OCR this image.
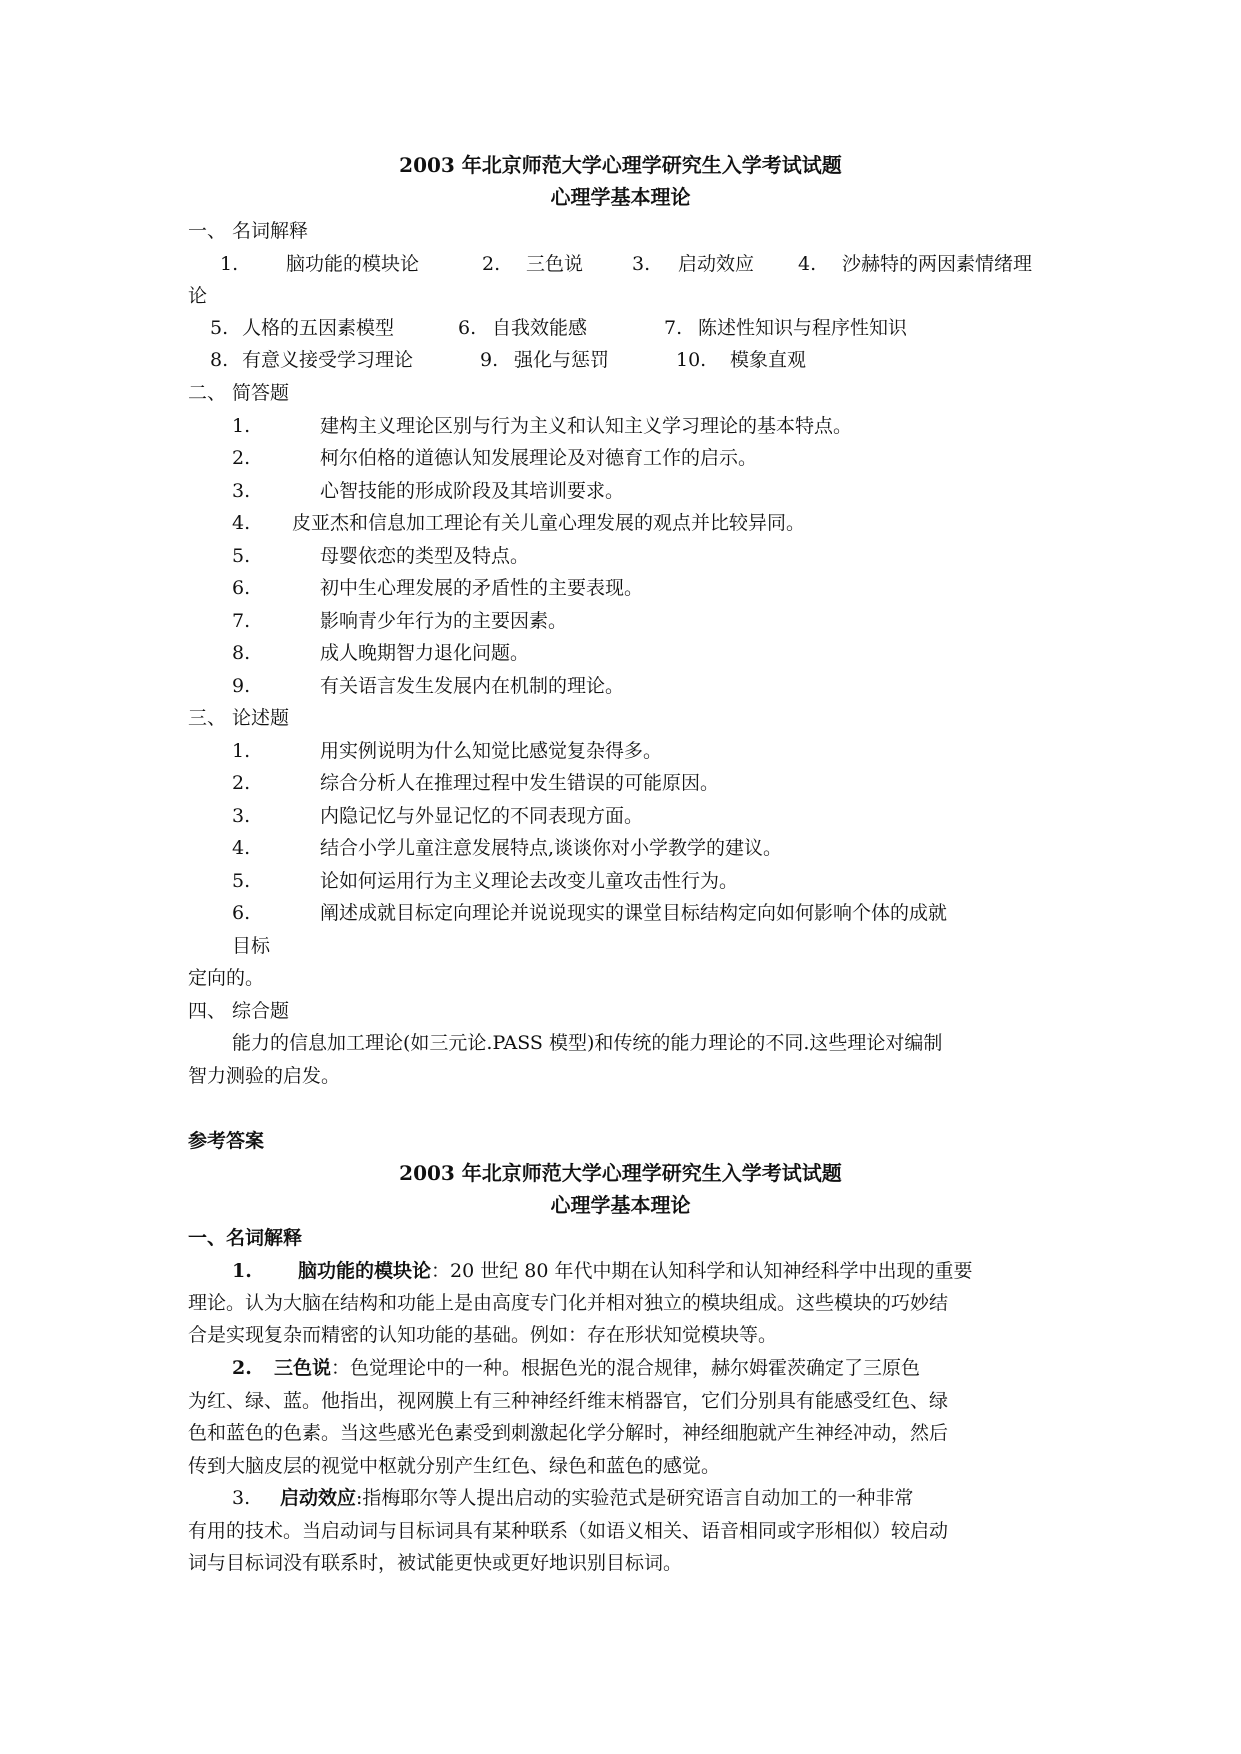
2003 年北京师范大学心理学研究生入学考试试题
心理学基本理论
一、 名词解释
1.	脑功能的模块论	2. 三色说	3. 启动效应 4. 沙赫特的两因素情绪理
论
5. 人格的五因素模型	6. 自我效能感	7. 陈述性知识与程序性知识
8. 有意义接受学习理论	9. 强化与惩罚	10. 模象直观
二、 简答题
1.	建构主义理论区别与行为主义和认知主义学习理论的基本特点。
2.	柯尔伯格的道德认知发展理论及对德育工作的启示。
3.	心智技能的形成阶段及其培训要求。
4. 皮亚杰和信息加工理论有关儿童心理发展的观点并比较异同。
5.	母婴依恋的类型及特点。
6.	初中生心理发展的矛盾性的主要表现。
7.	影响青少年行为的主要因素。
8.	成人晚期智力退化问题。
9.	有关语言发生发展内在机制的理论。
三、 论述题
1.	用实例说明为什么知觉比感觉复杂得多。
2.	综合分析人在推理过程中发生错误的可能原因。
3.	内隐记忆与外显记忆的不同表现方面。
4.	结合小学儿童注意发展特点,谈谈你对小学教学的建议。
5.	论如何运用行为主义理论去改变儿童攻击性行为。
6.	阐述成就目标定向理论并说说现实的课堂目标结构定向如何影响个体的成就
目标
定向的。
四、 综合题
能力的信息加工理论(如三元论.PASS 模型)和传统的能力理论的不同.这些理论对编制
智力测验的启发。
参考答案
2003 年北京师范大学心理学研究生入学考试试题
心理学基本理论
一、名词解释
1. 脑功能的模块论：20 世纪 80 年代中期在认知科学和认知神经科学中出现的重要
理论。认为大脑在结构和功能上是由高度专门化并相对独立的模块组成。这些模块的巧妙结
合是实现复杂而精密的认知功能的基础。例如：存在形状知觉模块等。
2. 三色说：色觉理论中的一种。根据色光的混合规律，赫尔姆霍茨确定了三原色
为红、绿、蓝。他指出，视网膜上有三种神经纤维末梢器官，它们分别具有能感受红色、绿
色和蓝色的色素。当这些感光色素受到刺激起化学分解时，神经细胞就产生神经冲动，然后
传到大脑皮层的视觉中枢就分别产生红色、绿色和蓝色的感觉。
3. 启动效应:指梅耶尔等人提出启动的实验范式是研究语言自动加工的一种非常
有用的技术。当启动词与目标词具有某种联系（如语义相关、语音相同或字形相似）较启动
词与目标词没有联系时，被试能更快或更好地识别目标词。
